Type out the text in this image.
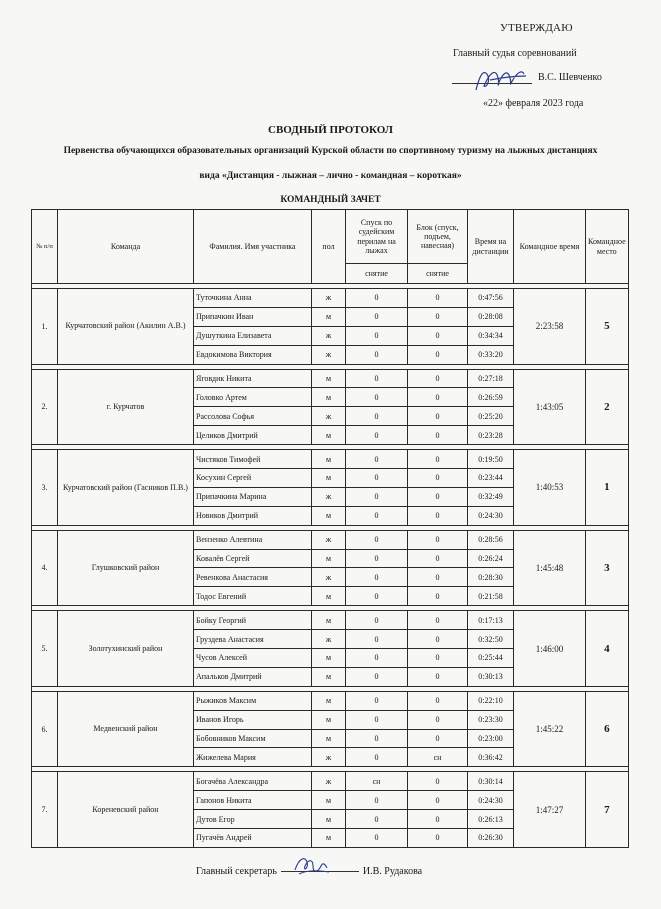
УТВЕРЖДАЮ
Главный судья соревнований
В.С. Шевченко
«22» февраля 2023 года
СВОДНЫЙ ПРОТОКОЛ
Первенства обучающихся образовательных организаций Курской области по спортивному туризму на лыжных дистанциях
вида «Дистанция - лыжная – лично - командная – короткая»
КОМАНДНЫЙ ЗАЧЕТ
№ п/п	Команда	Фамилия. Имя участника	пол	Спуск по судейским перилам на лыжах	Блок (спуск, подъем, навесная)	Время на дистанции	Командное время	Командное место
				снятие	снятие			

1.	Курчатовский район (Акилин А.В.)	Туточкина Анна	ж	0	0	0:47:56	2:23:58	5
		Припачкин Иван	м	0	0	0:28:08		
		Душуткина Елизавета	ж	0	0	0:34:34		
		Евдокимова Виктория	ж	0	0	0:33:20		

2.	г. Курчатов	Яговдик Никита	м	0	0	0:27:18	1:43:05	2
		Головко Артем	м	0	0	0:26:59		
		Рассолова Софья	ж	0	0	0:25:20		
		Целиков Дмитрий	м	0	0	0:23:28		

3.	Курчатовский район (Гасников П.В.)	Чистяков Тимофей	м	0	0	0:19:50	1:40:53	1
		Косухин Сергей	м	0	0	0:23:44		
		Припачкина Марина	ж	0	0	0:32:49		
		Новиков Дмитрий	м	0	0	0:24:30		

4.	Глушковский район	Вензенко Алевтина	ж	0	0	0:28:56	1:45:48	3
		Ковалёв Сергей	м	0	0	0:26:24		
		Ревенкова Анастасия	ж	0	0	0:28:30		
		Тодос Евгений	м	0	0	0:21:58		

5.	Золотухинский район	Бойку Георгий	м	0	0	0:17:13	1:46:00	4
		Груздева Анастасия	ж	0	0	0:32:50		
		Чусов Алексей	м	0	0	0:25:44		
		Апальков Дмитрий	м	0	0	0:30:13		

6.	Медвенский район	Рыжиков Максим	м	0	0	0:22:10	1:45:22	6
		Иванов Игорь	м	0	0	0:23:30		
		Бобовников Максим	м	0	0	0:23:00		
		Жижелева Мария	ж	0	сн	0:36:42		

7.	Кореневский район	Богачёва Александра	ж	сн	0	0:30:14	1:47:27	7
		Гапонов Никита	м	0	0	0:24:30		
		Дутов Егор	м	0	0	0:26:13		
		Пугачёв Андрей	м	0	0	0:26:30		
Главный секретарь	И.В. Рудакова
